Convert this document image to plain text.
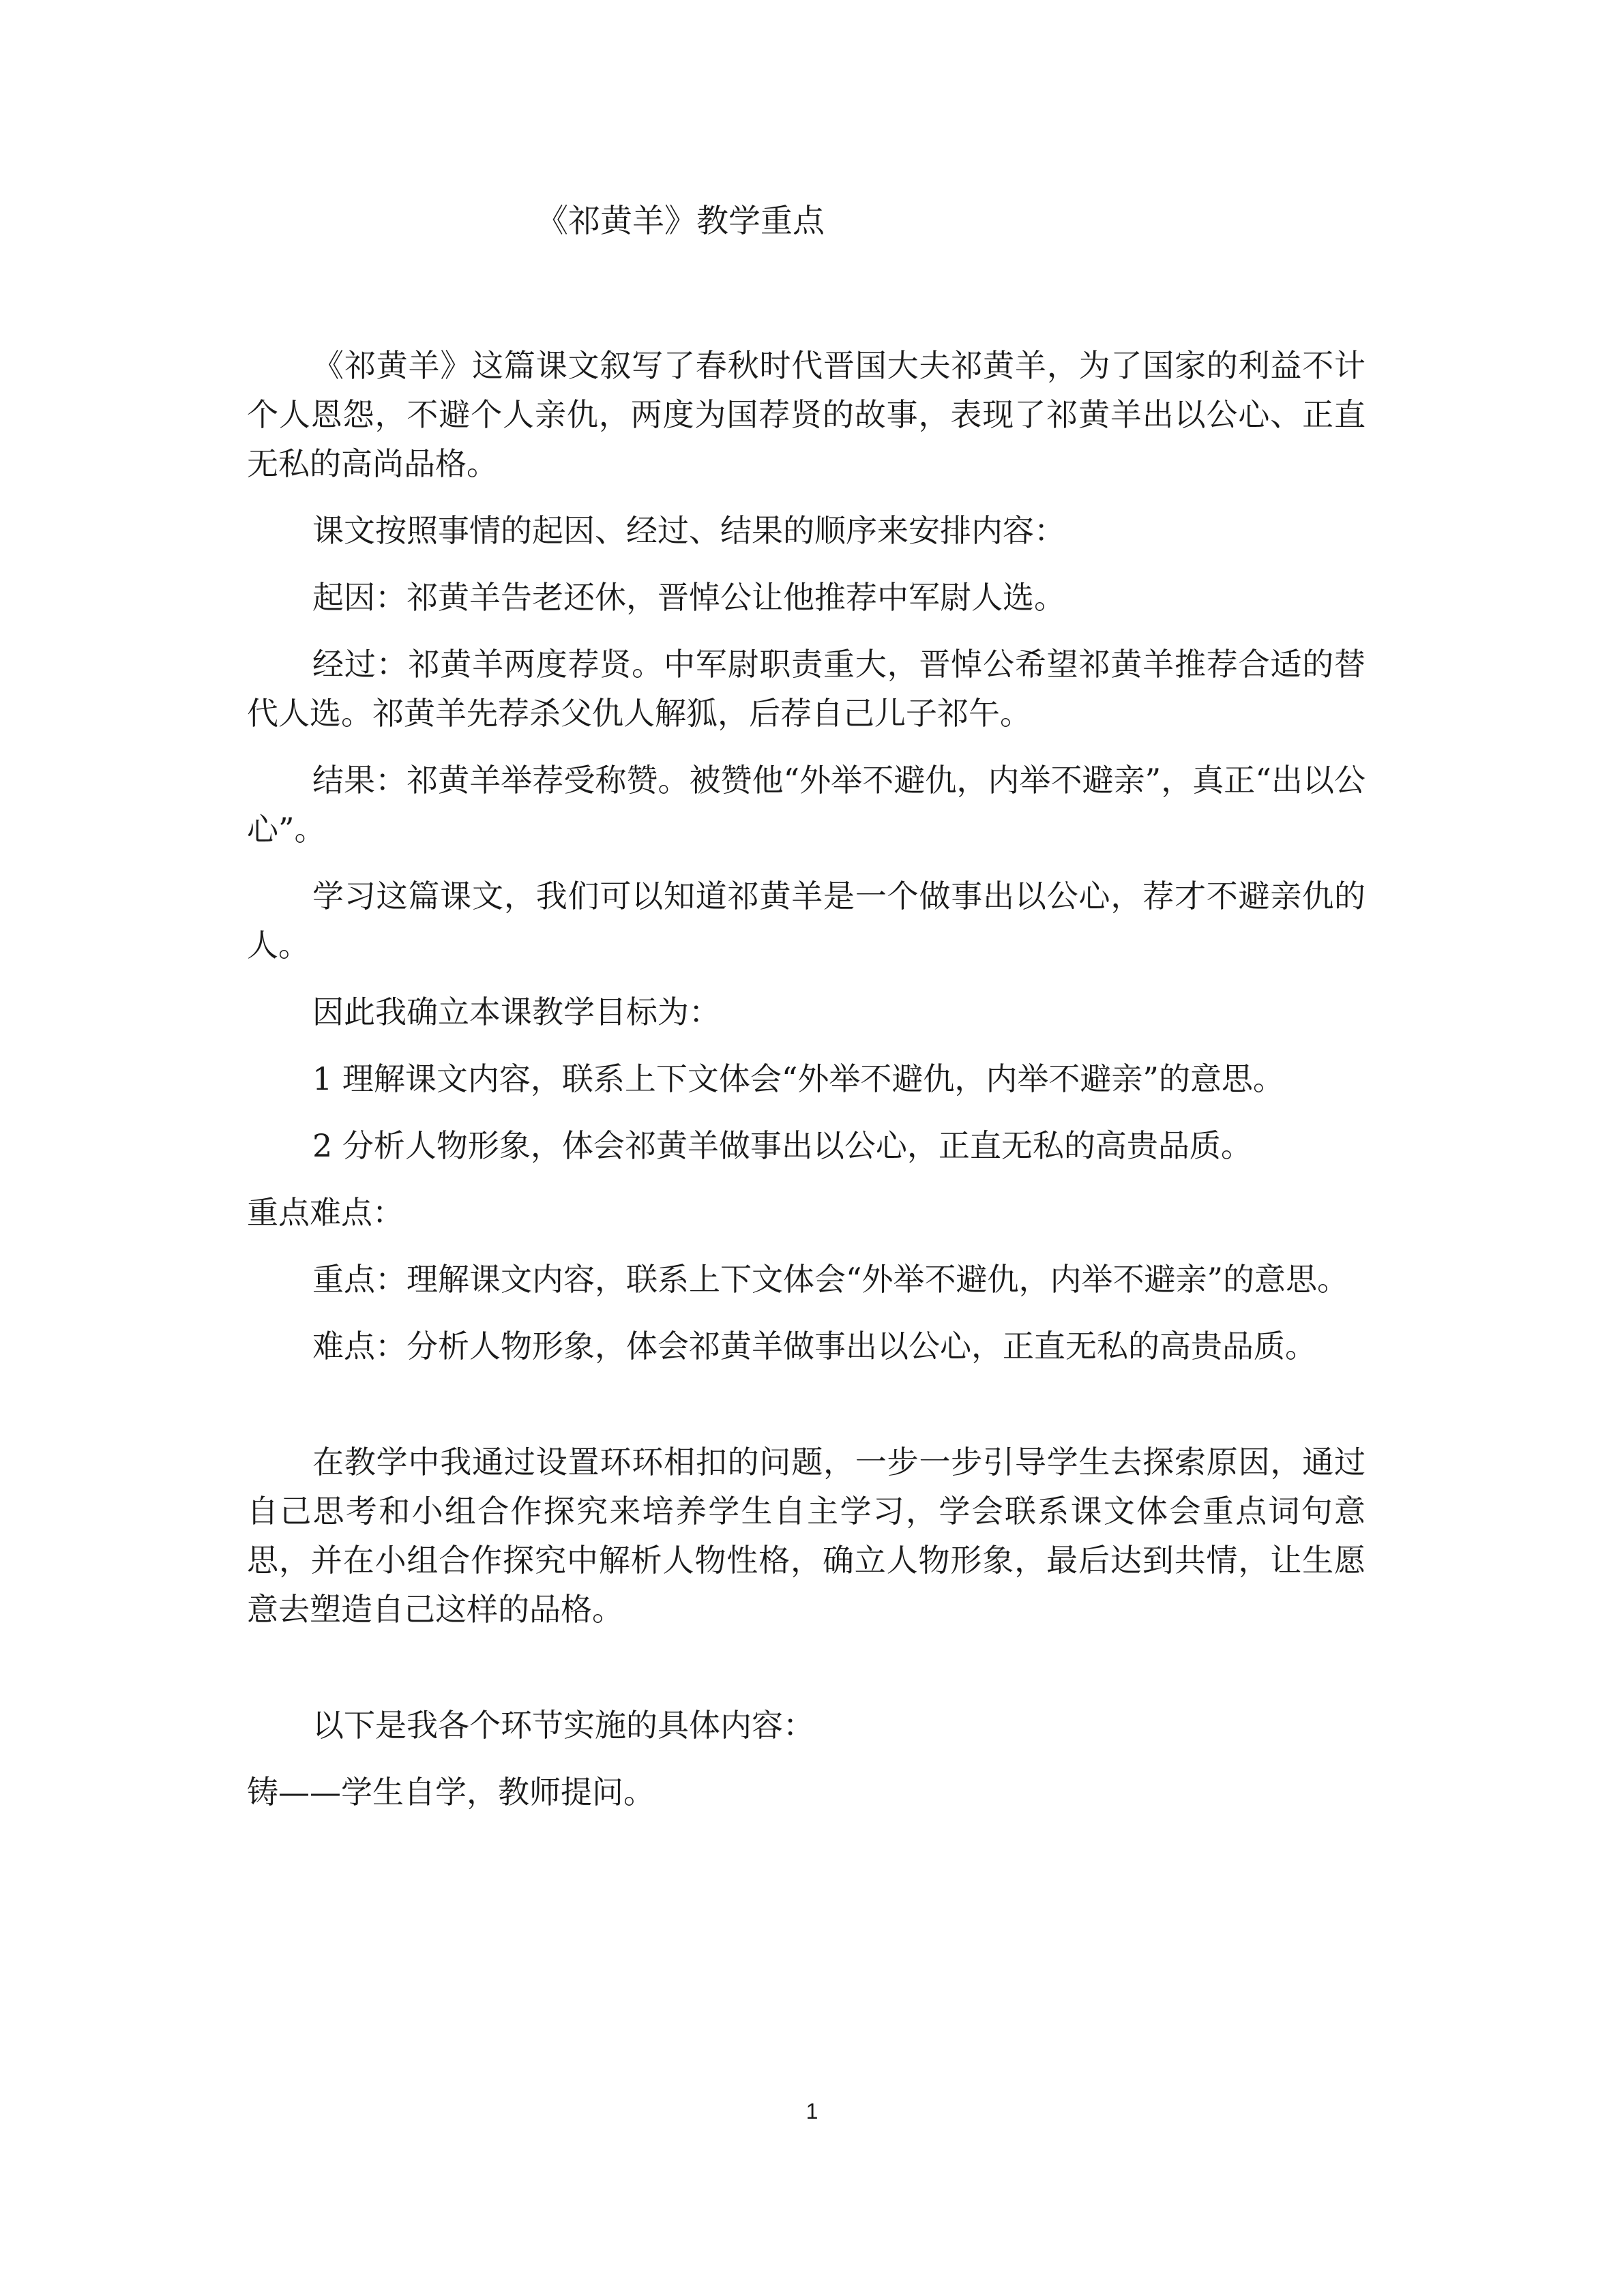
《祁黄羊》教学重点

《祁黄羊》这篇课文叙写了春秋时代晋国大夫祁黄羊，为了国家的利益不计个人恩怨，不避个人亲仇，两度为国荐贤的故事，表现了祁黄羊出以公心、正直无私的高尚品格。

课文按照事情的起因、经过、结果的顺序来安排内容：

起因：祁黄羊告老还休，晋悼公让他推荐中军尉人选。

经过：祁黄羊两度荐贤。中军尉职责重大，晋悼公希望祁黄羊推荐合适的替代人选。祁黄羊先荐杀父仇人解狐，后荐自己儿子祁午。

结果：祁黄羊举荐受称赞。被赞他“外举不避仇，内举不避亲”，真正“出以公心”。

学习这篇课文，我们可以知道祁黄羊是一个做事出以公心，荐才不避亲仇的人。

因此我确立本课教学目标为：

1 理解课文内容，联系上下文体会“外举不避仇，内举不避亲”的意思。

2 分析人物形象，体会祁黄羊做事出以公心，正直无私的高贵品质。

重点难点：

重点：理解课文内容，联系上下文体会“外举不避仇，内举不避亲”的意思。

难点：分析人物形象，体会祁黄羊做事出以公心，正直无私的高贵品质。

在教学中我通过设置环环相扣的问题，一步一步引导学生去探索原因，通过自己思考和小组合作探究来培养学生自主学习，学会联系课文体会重点词句意思，并在小组合作探究中解析人物性格，确立人物形象，最后达到共情，让生愿意去塑造自己这样的品格。

以下是我各个环节实施的具体内容：

铸——学生自学，教师提问。

1
